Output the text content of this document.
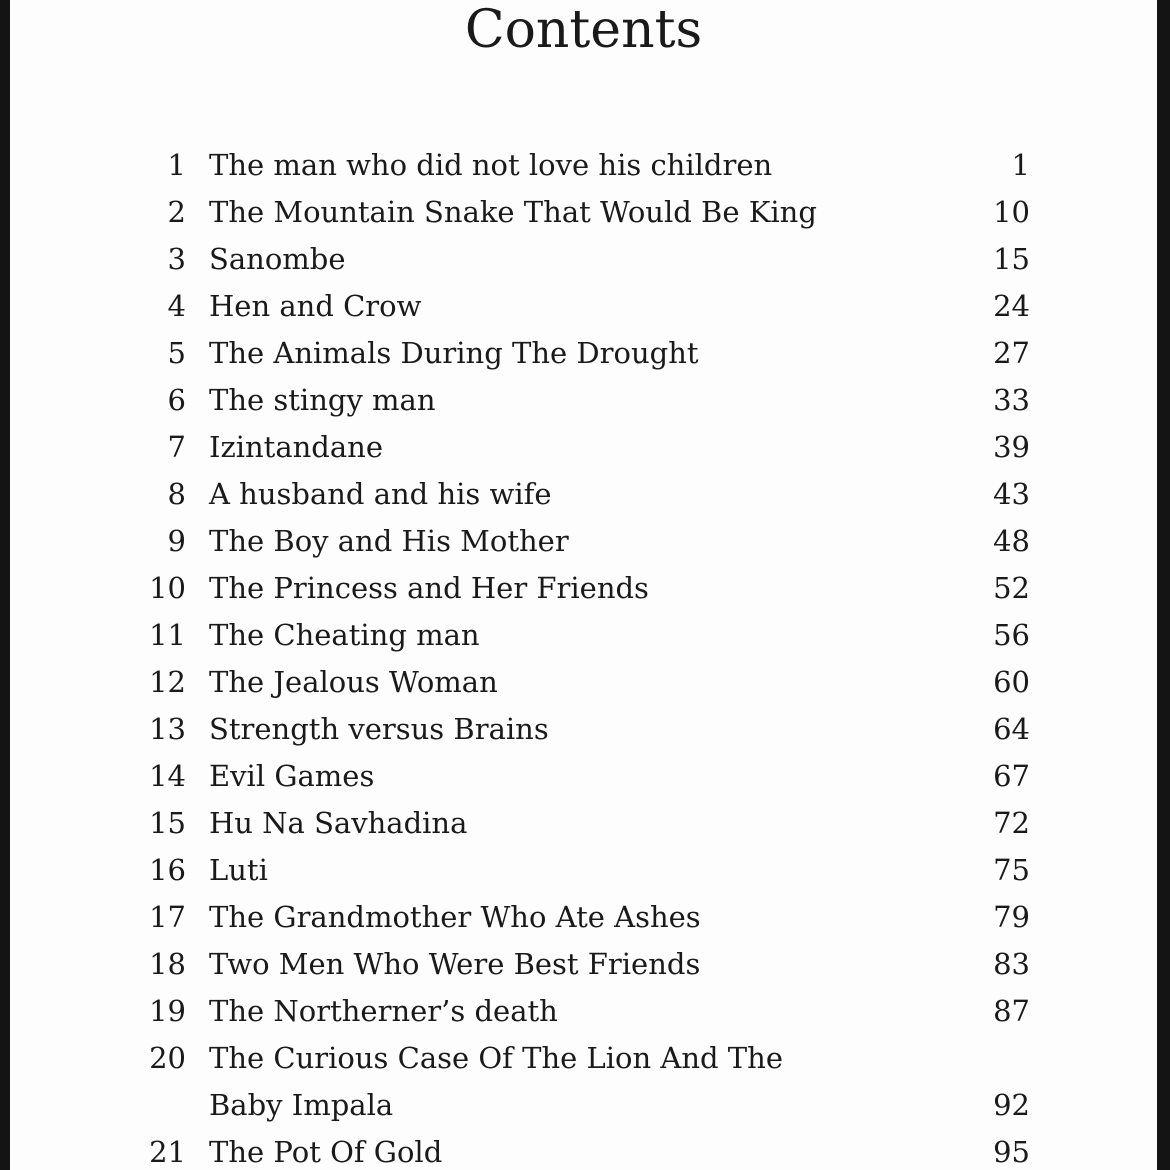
Contents
1 The man who did not love his children	1
2 The Mountain Snake That Would Be King	10
3 Sanombe	15
4 Hen and Crow	24
5 The Animals During The Drought	27
6 The stingy man	33
7 Izintandane	39
8 A husband and his wife	43
9 The Boy and His Mother	48
10 The Princess and Her Friends	52
11 The Cheating man	56
12 The Jealous Woman	60
13 Strength versus Brains	64
14 Evil Games	67
15 Hu Na Savhadina	72
16 Luti	75
17 The Grandmother Who Ate Ashes	79
18 Two Men Who Were Best Friends	83
19 The Northerner’s death	87
20 The Curious Case Of The Lion And The
Baby Impala	92
21 The Pot Of Gold	95
